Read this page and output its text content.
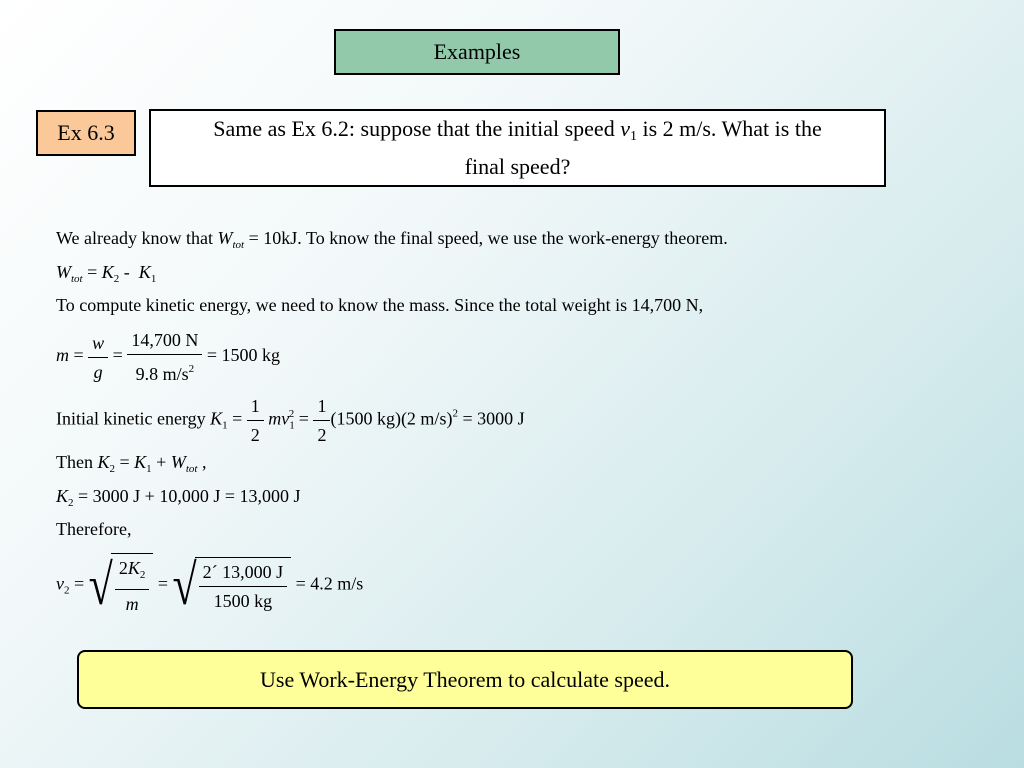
Examples
Ex 6.3	Same as Ex 6.2: suppose that the initial speed $v_1$ is 2 m/s. What is the
final speed?
We already know that $W_{tot} = 10kJ$. To know the final speed, we use the work-energy theorem.
$W_{tot} = K_2 - K_1$
To compute kinetic energy, we need to know the mass. Since the total weight is 14,700 N,
$m = \frac{w}{g} = \frac{14,700 N}{9.8 m/s^2} = 1500$ kg
Initial kinetic energy $K_1 = \frac{1}{2} mv_1^2 = \frac{1}{2} (1500$ kg)(2 m/s)$^2$ = 3000 J
Then $K_2 = K_1 + W_{tot}$ ,
$K_2 = 3000$ J + 10,000 J = 13,000 J
Therefore,
$v_2$ = √ $\frac{2K_2}{m}$ = √ $\frac{2´ 13,000 J}{1500 kg} = 4.2$ m/s
Use Work-Energy Theorem to calculate speed.
